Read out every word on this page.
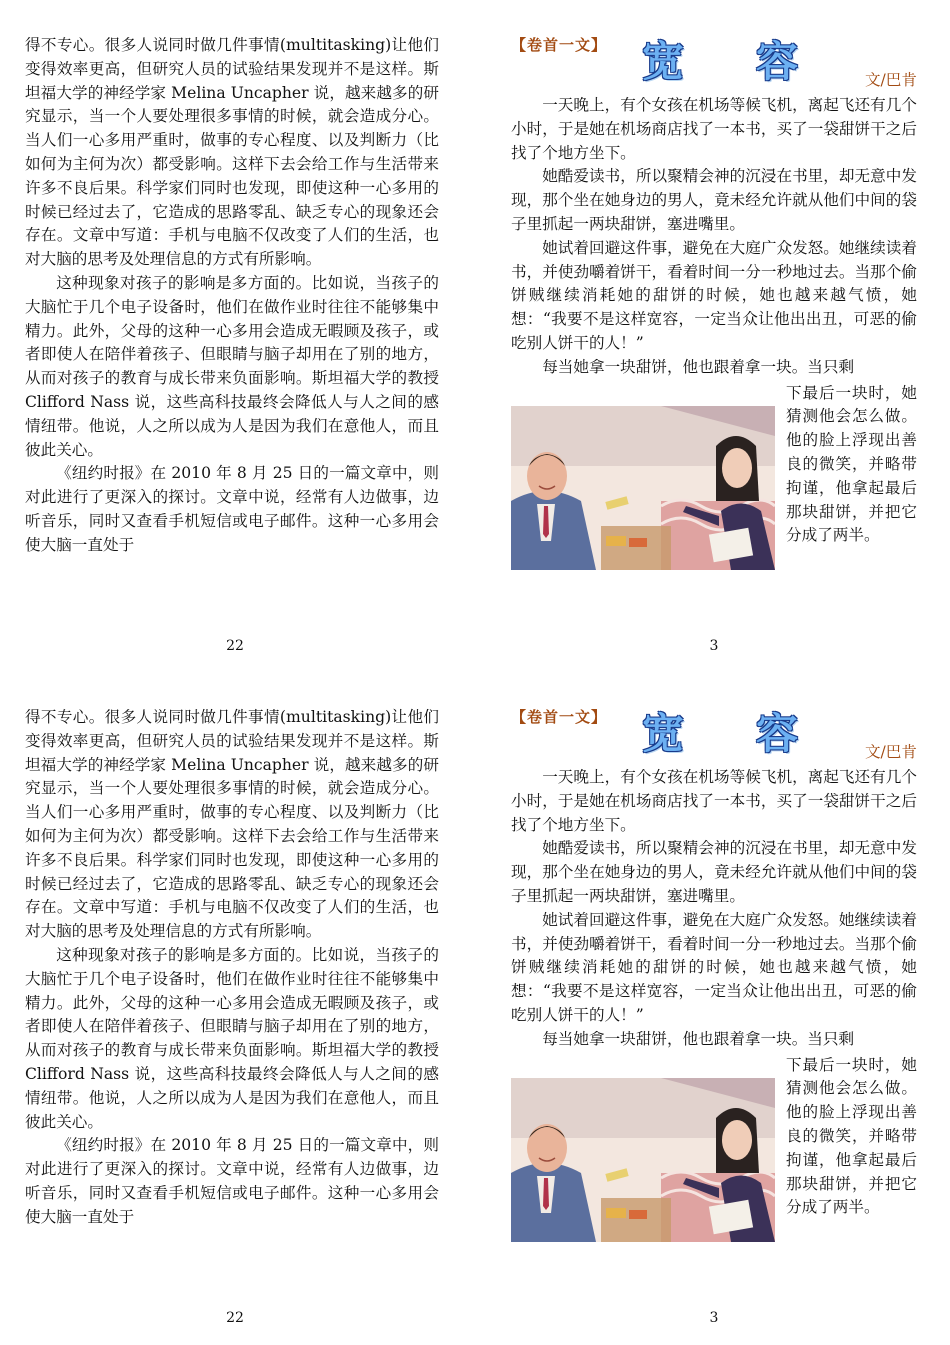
得不专心。很多人说同时做几件事情(multitasking)让他们变得效率更高，但研究人员的试验结果发现并不是这样。斯坦福大学的神经学家 Melina Uncapher 说，越来越多的研究显示，当一个人要处理很多事情的时候，就会造成分心。当人们一心多用严重时，做事的专心程度、以及判断力（比如何为主何为次）都受影响。这样下去会给工作与生活带来许多不良后果。科学家们同时也发现，即使这种一心多用的时候已经过去了，它造成的思路零乱、缺乏专心的现象还会存在。文章中写道：手机与电脑不仅改变了人们的生活，也对大脑的思考及处理信息的方式有所影响。

这种现象对孩子的影响是多方面的。比如说，当孩子的大脑忙于几个电子设备时，他们在做作业时往往不能够集中精力。此外，父母的这种一心多用会造成无暇顾及孩子，或者即使人在陪伴着孩子、但眼睛与脑子却用在了别的地方，从而对孩子的教育与成长带来负面影响。斯坦福大学的教授 Clifford Nass 说，这些高科技最终会降低人与人之间的感情纽带。他说，人之所以成为人是因为我们在意他人，而且彼此关心。

《纽约时报》在 2010 年 8 月 25 日的一篇文章中，则对此进行了更深入的探讨。文章中说，经常有人边做事，边听音乐，同时又查看手机短信或电子邮件。这种一心多用会使大脑一直处于

22
【卷首一文】 宽 容	文/巴肯

一天晚上，有个女孩在机场等候飞机，离起飞还有几个小时，于是她在机场商店找了一本书，买了一袋甜饼干之后找了个地方坐下。

她酷爱读书，所以聚精会神的沉浸在书里，却无意中发现，那个坐在她身边的男人，竟未经允许就从他们中间的袋子里抓起一两块甜饼，塞进嘴里。

她试着回避这件事，避免在大庭广众发怒。她继续读着书，并使劲嚼着饼干，看着时间一分一秒地过去。当那个偷饼贼继续消耗她的甜饼的时候，她也越来越气愤，她想：“我要不是这样宽容，一定当众让他出出丑，可恶的偷吃别人饼干的人！”

每当她拿一块甜饼，他也跟着拿一块。当只剩

下最后一块时，她猜测他会怎么做。他的脸上浮现出善良的微笑，并略带拘谨，他拿起最后那块甜饼，并把它分成了两半。
3

得不专心。很多人说同时做几件事情(multitasking)让他们变得效率更高，但研究人员的试验结果发现并不是这样。斯坦福大学的神经学家 Melina Uncapher 说，越来越多的研究显示，当一个人要处理很多事情的时候，就会造成分心。当人们一心多用严重时，做事的专心程度、以及判断力（比如何为主何为次）都受影响。这样下去会给工作与生活带来许多不良后果。科学家们同时也发现，即使这种一心多用的时候已经过去了，它造成的思路零乱、缺乏专心的现象还会存在。文章中写道：手机与电脑不仅改变了人们的生活，也对大脑的思考及处理信息的方式有所影响。

这种现象对孩子的影响是多方面的。比如说，当孩子的大脑忙于几个电子设备时，他们在做作业时往往不能够集中精力。此外，父母的这种一心多用会造成无暇顾及孩子，或者即使人在陪伴着孩子、但眼睛与脑子却用在了别的地方，从而对孩子的教育与成长带来负面影响。斯坦福大学的教授 Clifford Nass 说，这些高科技最终会降低人与人之间的感情纽带。他说，人之所以成为人是因为我们在意他人，而且彼此关心。

《纽约时报》在 2010 年 8 月 25 日的一篇文章中，则对此进行了更深入的探讨。文章中说，经常有人边做事，边听音乐，同时又查看手机短信或电子邮件。这种一心多用会使大脑一直处于

22
【卷首一文】 宽 容	文/巴肯

一天晚上，有个女孩在机场等候飞机，离起飞还有几个小时，于是她在机场商店找了一本书，买了一袋甜饼干之后找了个地方坐下。

她酷爱读书，所以聚精会神的沉浸在书里，却无意中发现，那个坐在她身边的男人，竟未经允许就从他们中间的袋子里抓起一两块甜饼，塞进嘴里。

她试着回避这件事，避免在大庭广众发怒。她继续读着书，并使劲嚼着饼干，看着时间一分一秒地过去。当那个偷饼贼继续消耗她的甜饼的时候，她也越来越气愤，她想：“我要不是这样宽容，一定当众让他出出丑，可恶的偷吃别人饼干的人！”

每当她拿一块甜饼，他也跟着拿一块。当只剩

下最后一块时，她猜测他会怎么做。他的脸上浮现出善良的微笑，并略带拘谨，他拿起最后那块甜饼，并把它分成了两半。
3
